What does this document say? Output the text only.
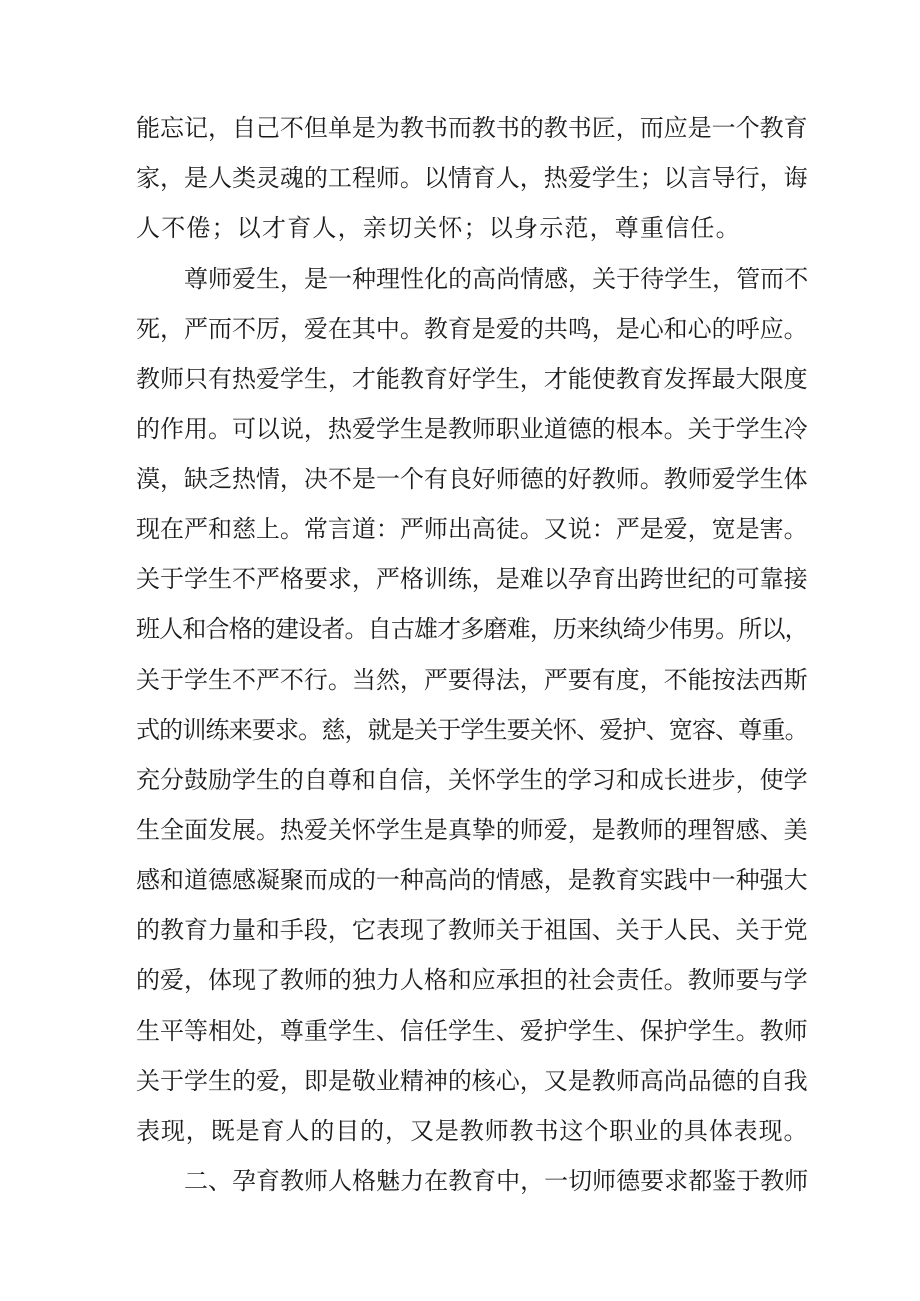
能忘记，自己不但单是为教书而教书的教书匠，而应是一个教育
家，是人类灵魂的工程师。以情育人，热爱学生；以言导行，诲
人不倦；以才育人，亲切关怀；以身示范，尊重信任。
尊师爱生，是一种理性化的高尚情感，关于待学生，管而不
死，严而不厉，爱在其中。教育是爱的共鸣，是心和心的呼应。
教师只有热爱学生，才能教育好学生，才能使教育发挥最大限度
的作用。可以说，热爱学生是教师职业道德的根本。关于学生冷
漠，缺乏热情，决不是一个有良好师德的好教师。教师爱学生体
现在严和慈上。常言道：严师出高徒。又说：严是爱，宽是害。
关于学生不严格要求，严格训练，是难以孕育出跨世纪的可靠接
班人和合格的建设者。自古雄才多磨难，历来纨绮少伟男。所以，
关于学生不严不行。当然，严要得法，严要有度，不能按法西斯
式的训练来要求。慈，就是关于学生要关怀、爱护、宽容、尊重。
充分鼓励学生的自尊和自信，关怀学生的学习和成长进步，使学
生全面发展。热爱关怀学生是真挚的师爱，是教师的理智感、美
感和道德感凝聚而成的一种高尚的情感，是教育实践中一种强大
的教育力量和手段，它表现了教师关于祖国、关于人民、关于党
的爱，体现了教师的独力人格和应承担的社会责任。教师要与学
生平等相处，尊重学生、信任学生、爱护学生、保护学生。教师
关于学生的爱，即是敬业精神的核心，又是教师高尚品德的自我
表现，既是育人的目的，又是教师教书这个职业的具体表现。
二、孕育教师人格魅力在教育中，一切师德要求都鉴于教师
